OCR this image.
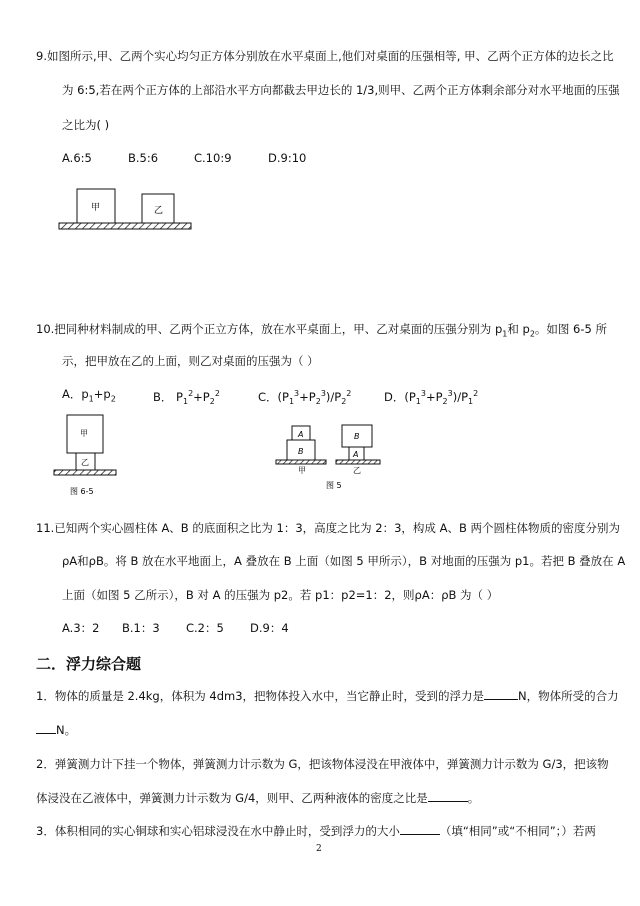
9.如图所示,甲、乙两个实心均匀正方体分别放在水平桌面上,他们对桌面的压强相等, 甲、乙两个正方体的边长之比
为 6:5,若在两个正方体的上部沿水平方向都截去甲边长的 1/3,则甲、乙两个正方体剩余部分对水平地面的压强
之比为( )
A.6:5	B.5:6	C.10:9	D.9:10
甲	乙
10.把同种材料制成的甲、乙两个正立方体，放在水平桌面上，甲、乙对桌面的压强分别为 $p_1$和 $p_2$。如图 6-5 所
示，把甲放在乙的上面，则乙对桌面的压强为（ ）
A．$p_1+p_2$	B． $P_1^2+P_2^2$	C．$(P_1^3+P_2^3)/P_2^2$	D．$(P_1^3+P_2^3)/P_1^2$
甲
乙
图 6-5
A
B
甲
B
A
乙
图 5
11.已知两个实心圆柱体 A、B 的底面积之比为 1：3，高度之比为 2：3，构成 A、B 两个圆柱体物质的密度分别为
ρA和ρB。将 B 放在水平地面上，A 叠放在 B 上面（如图 5 甲所示），B 对地面的压强为 p1。若把 B 叠放在 A
上面（如图 5 乙所示），B 对 A 的压强为 p2。若 p1：p2=1：2，则ρA：ρB 为（ ）
A.3：2 B.1：3 C.2：5 D.9：4
二．浮力综合题
1．物体的质量是 2.4kg，体积为 4dm3，把物体投入水中，当它静止时，受到的浮力是	N，物体所受的合力
N。
2．弹簧测力计下挂一个物体，弹簧测力计示数为 G，把该物体浸没在甲液体中，弹簧测力计示数为 G/3，把该物
体浸没在乙液体中，弹簧测力计示数为 G/4，则甲、乙两种液体的密度之比是	。
3．体积相同的实心铜球和实心铝球浸没在水中静止时，受到浮力的大小	（填“相同”或“不相同”；）若两
2
